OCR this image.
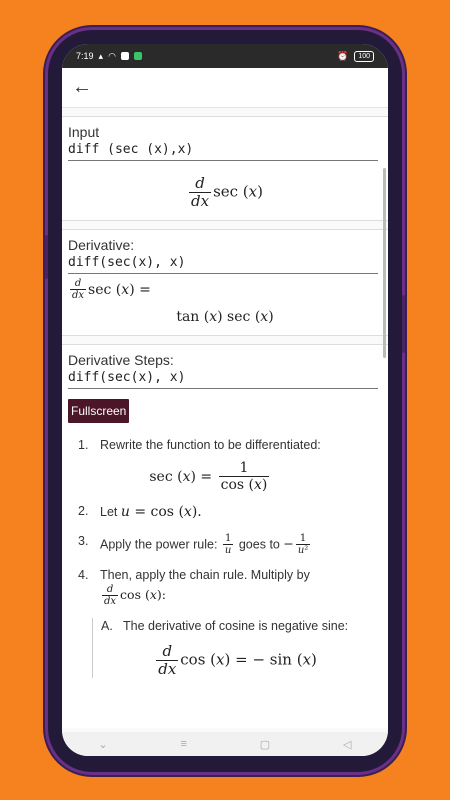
7:19 ▴ ◠	⏰	100
←
Input
diff (sec (x),x)
$\frac{d}{dx}$ sec (x)
Derivative:
diff(sec(x), x)
$\frac{d}{dx}$ sec (x) =
tan (x) sec (x)
Derivative Steps:
diff(sec(x), x)
Fullscreen
1. Rewrite the function to be differentiated:
$\sec (x) = \frac{1}{\cos (x)}$
2. Let u = cos (x).
3. Apply the power rule: $\frac{1}{u}$ goes to − $\frac{1}{\text{u²}}$
4. Then, apply the chain rule. Multiply by

$\frac{d}{dx}$ cos (x):
A. The derivative of cosine is negative sine:
$\frac{d}{dx}$ cos (x) = − sin (x)
⌄	≡	▢	◁
